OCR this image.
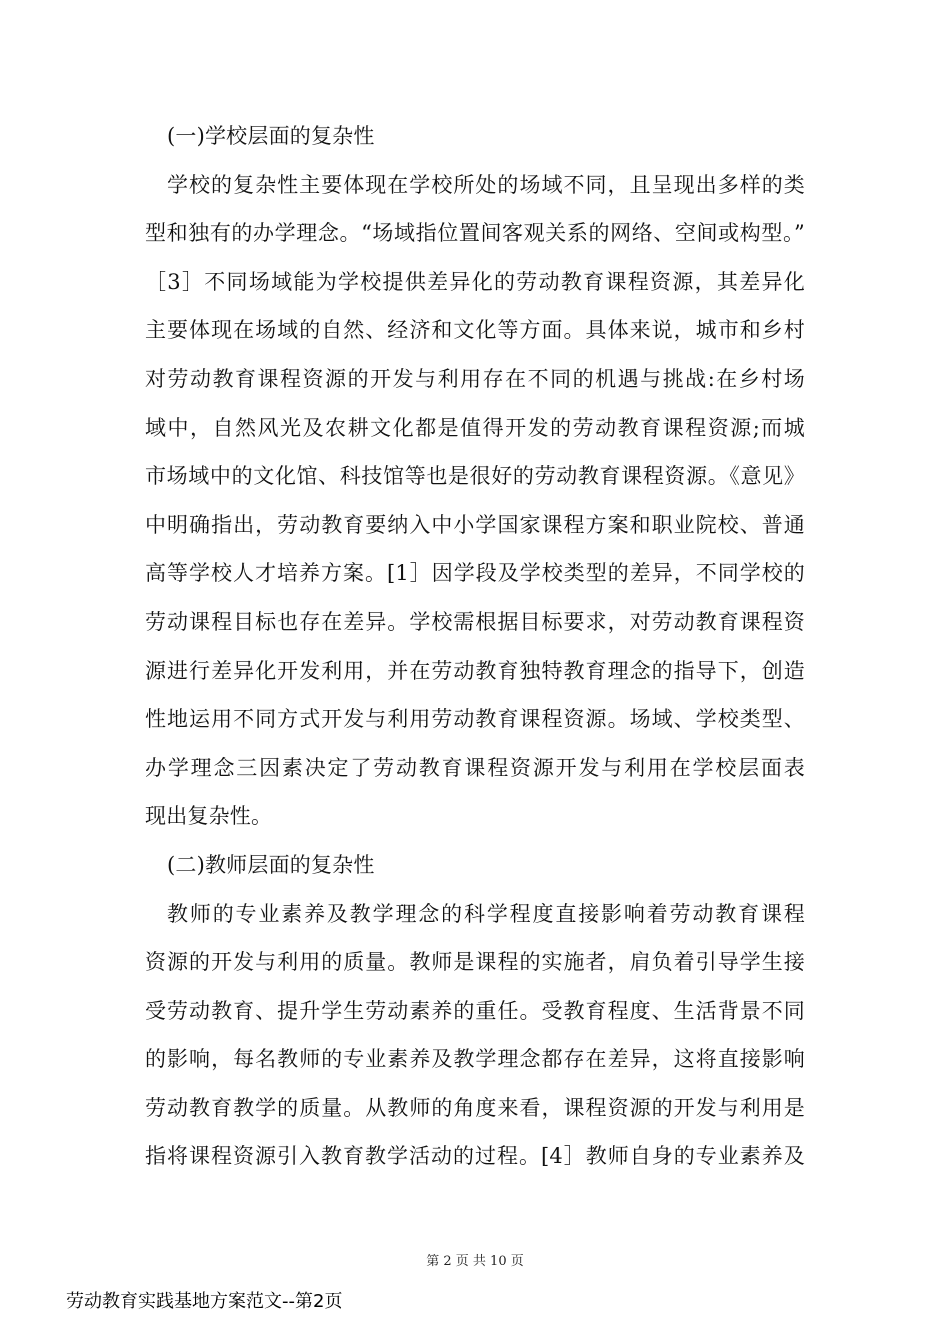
(一)学校层面的复杂性
学校的复杂性主要体现在学校所处的场域不同，且呈现出多样的类
型和独有的办学理念。“场域指位置间客观关系的网络、空间或构型。”
［3］不同场域能为学校提供差异化的劳动教育课程资源，其差异化
主要体现在场域的自然、经济和文化等方面。具体来说，城市和乡村
对劳动教育课程资源的开发与利用存在不同的机遇与挑战:在乡村场
域中，自然风光及农耕文化都是值得开发的劳动教育课程资源;而城
市场域中的文化馆、科技馆等也是很好的劳动教育课程资源。《意见》
中明确指出，劳动教育要纳入中小学国家课程方案和职业院校、普通
高等学校人才培养方案。[1］因学段及学校类型的差异，不同学校的
劳动课程目标也存在差异。学校需根据目标要求，对劳动教育课程资
源进行差异化开发利用，并在劳动教育独特教育理念的指导下，创造
性地运用不同方式开发与利用劳动教育课程资源。场域、学校类型、
办学理念三因素决定了劳动教育课程资源开发与利用在学校层面表
现出复杂性。
(二)教师层面的复杂性
教师的专业素养及教学理念的科学程度直接影响着劳动教育课程
资源的开发与利用的质量。教师是课程的实施者，肩负着引导学生接
受劳动教育、提升学生劳动素养的重任。受教育程度、生活背景不同
的影响，每名教师的专业素养及教学理念都存在差异，这将直接影响
劳动教育教学的质量。从教师的角度来看，课程资源的开发与利用是
指将课程资源引入教育教学活动的过程。[4］教师自身的专业素养及
第 2 页 共 10 页
劳动教育实践基地方案范文--第2页
